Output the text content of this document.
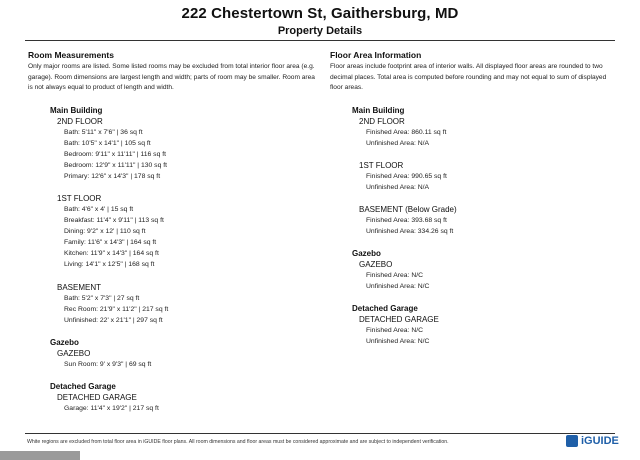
222 Chestertown St, Gaithersburg, MD
Property Details
Room Measurements
Only major rooms are listed. Some listed rooms may be excluded from total interior floor area (e.g. garage). Room dimensions are largest length and width; parts of room may be smaller. Room area is not always equal to product of length and width.
Main Building
2ND FLOOR
Bath: 5'11" x 7'6" | 36 sq ft
Bath: 10'5" x 14'1" | 105 sq ft
Bedroom: 9'11" x 11'11" | 116 sq ft
Bedroom: 12'9" x 11'11" | 130 sq ft
Primary: 12'6" x 14'3" | 178 sq ft
1ST FLOOR
Bath: 4'6" x 4' | 15 sq ft
Breakfast: 11'4" x 9'11" | 113 sq ft
Dining: 9'2" x 12' | 110 sq ft
Family: 11'6" x 14'3" | 164 sq ft
Kitchen: 11'9" x 14'3" | 164 sq ft
Living: 14'1" x 12'5" | 168 sq ft
BASEMENT
Bath: 5'2" x 7'3" | 27 sq ft
Rec Room: 21'9" x 11'2" | 217 sq ft
Unfinished: 22' x 21'1" | 297 sq ft
Gazebo
GAZEBO
Sun Room: 9' x 9'3" | 69 sq ft
Detached Garage
DETACHED GARAGE
Garage: 11'4" x 19'2" | 217 sq ft
Floor Area Information
Floor areas include footprint area of interior walls. All displayed floor areas are rounded to two decimal places. Total area is computed before rounding and may not equal to sum of displayed floor areas.
Main Building
2ND FLOOR
Finished Area: 860.11 sq ft
Unfinished Area: N/A
1ST FLOOR
Finished Area: 990.65 sq ft
Unfinished Area: N/A
BASEMENT (Below Grade)
Finished Area: 393.68 sq ft
Unfinished Area: 334.26 sq ft
Gazebo
GAZEBO
Finished Area: N/C
Unfinished Area: N/C
Detached Garage
DETACHED GARAGE
Finished Area: N/C
Unfinished Area: N/C
White regions are excluded from total floor area in iGUIDE floor plans. All room dimensions and floor areas must be considered approximate and are subject to independent verification.	iGUIDE
